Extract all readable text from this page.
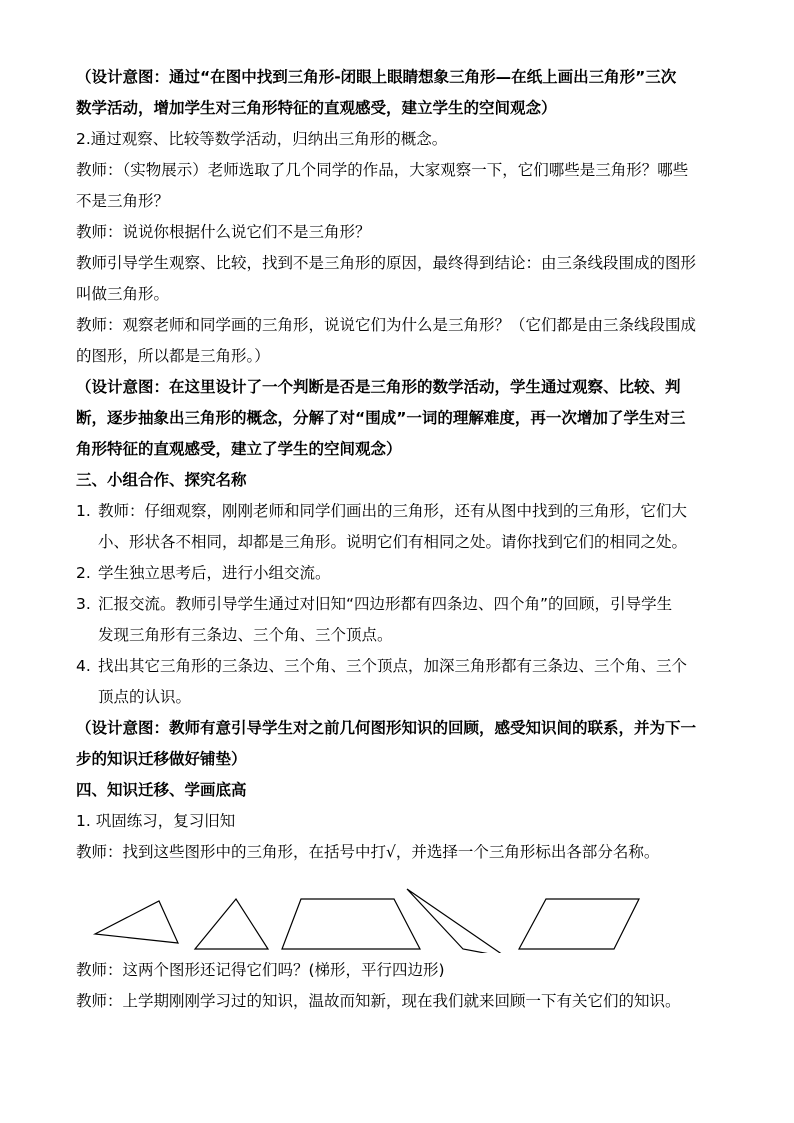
（设计意图：通过“在图中找到三角形-闭眼上眼睛想象三角形—在纸上画出三角形”三次

数学活动，增加学生对三角形特征的直观感受，建立学生的空间观念）

2.通过观察、比较等数学活动，归纳出三角形的概念。

教师：（实物展示）老师选取了几个同学的作品，大家观察一下，它们哪些是三角形？哪些

不是三角形？

教师：说说你根据什么说它们不是三角形？

教师引导学生观察、比较，找到不是三角形的原因，最终得到结论：由三条线段围成的图形

叫做三角形。

教师：观察老师和同学画的三角形，说说它们为什么是三角形？（它们都是由三条线段围成

的图形，所以都是三角形。）

（设计意图：在这里设计了一个判断是否是三角形的数学活动，学生通过观察、比较、判

断，逐步抽象出三角形的概念，分解了对“围成”一词的理解难度，再一次增加了学生对三

角形特征的直观感受，建立了学生的空间观念）

三、小组合作、探究名称

1. 教师：仔细观察，刚刚老师和同学们画出的三角形，还有从图中找到的三角形，它们大

小、形状各不相同，却都是三角形。说明它们有相同之处。请你找到它们的相同之处。

2. 学生独立思考后，进行小组交流。

3. 汇报交流。教师引导学生通过对旧知“四边形都有四条边、四个角”的回顾，引导学生

发现三角形有三条边、三个角、三个顶点。

4. 找出其它三角形的三条边、三个角、三个顶点，加深三角形都有三条边、三个角、三个

顶点的认识。

（设计意图：教师有意引导学生对之前几何图形知识的回顾，感受知识间的联系，并为下一

步的知识迁移做好铺垫）

四、知识迁移、学画底高

1. 巩固练习，复习旧知

教师：找到这些图形中的三角形，在括号中打√，并选择一个三角形标出各部分名称。

教师：这两个图形还记得它们吗？(梯形，平行四边形)

教师：上学期刚刚学习过的知识，温故而知新，现在我们就来回顾一下有关它们的知识。
